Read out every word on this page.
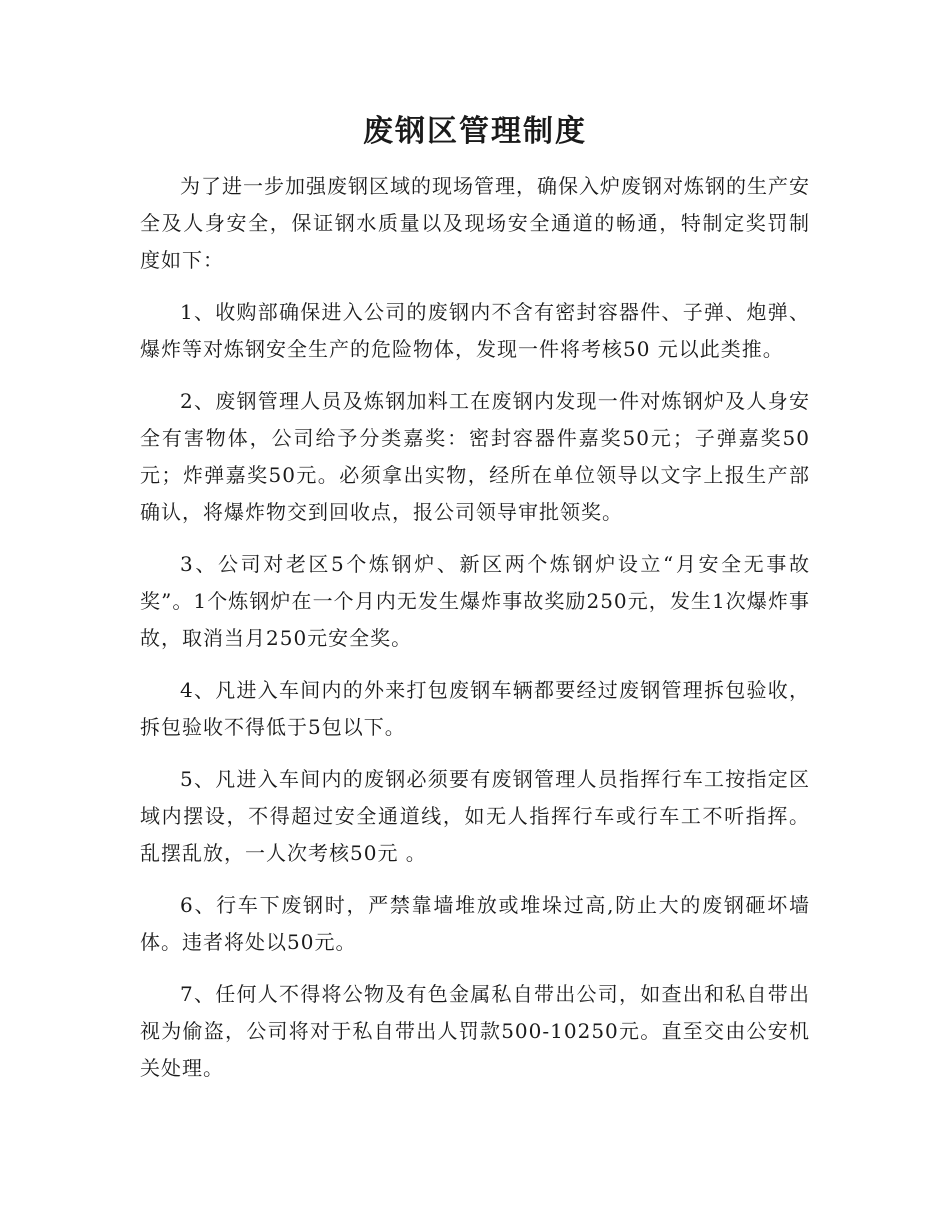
废钢区管理制度

为了进一步加强废钢区域的现场管理，确保入炉废钢对炼钢的生产安全及人身安全，保证钢水质量以及现场安全通道的畅通，特制定奖罚制度如下：

1、收购部确保进入公司的废钢内不含有密封容器件、子弹、炮弹、爆炸等对炼钢安全生产的危险物体，发现一件将考核50 元以此类推。

2、废钢管理人员及炼钢加料工在废钢内发现一件对炼钢炉及人身安全有害物体，公司给予分类嘉奖：密封容器件嘉奖50元；子弹嘉奖50元；炸弹嘉奖50元。必须拿出实物，经所在单位领导以文字上报生产部确认，将爆炸物交到回收点，报公司领导审批领奖。

3、公司对老区5个炼钢炉、新区两个炼钢炉设立“月安全无事故奖”。1个炼钢炉在一个月内无发生爆炸事故奖励250元，发生1次爆炸事故，取消当月250元安全奖。

4、凡进入车间内的外来打包废钢车辆都要经过废钢管理拆包验收，拆包验收不得低于5包以下。

5、凡进入车间内的废钢必须要有废钢管理人员指挥行车工按指定区域内摆设，不得超过安全通道线，如无人指挥行车或行车工不听指挥。乱摆乱放，一人次考核50元 。

6、行车下废钢时，严禁靠墙堆放或堆垛过高,防止大的废钢砸坏墙体。违者将处以50元。

7、任何人不得将公物及有色金属私自带出公司，如查出和私自带出视为偷盗，公司将对于私自带出人罚款500-10250元。直至交由公安机关处理。
